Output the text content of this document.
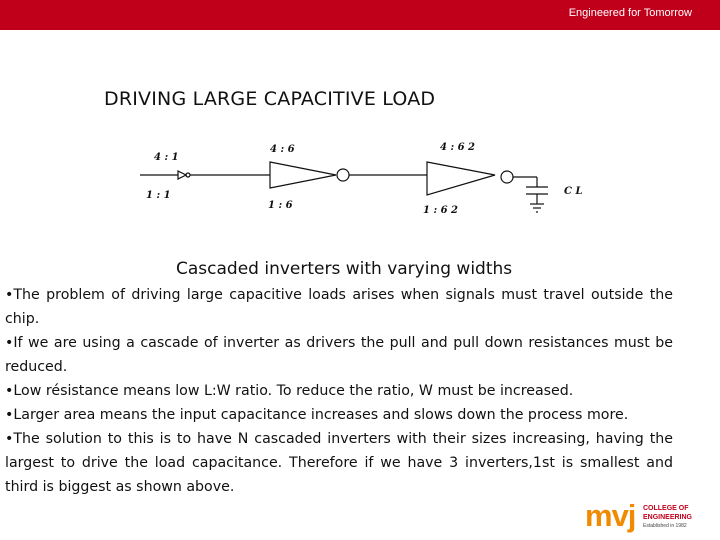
Engineered for Tomorrow
DRIVING LARGE CAPACITIVE LOAD
4 : 1
1 : 1
4 : 6
1 : 6
4 : 6 2
1 : 6 2
C L
Cascaded inverters with varying widths

•The problem of driving large capacitive loads arises when signals must travel outside the chip.

•If we are using a cascade of inverter as drivers the pull and pull down resistances must be reduced.

•Low résistance means low L:W ratio. To reduce the ratio, W must be increased.

•Larger area means the input capacitance increases and slows down the process more.

•The solution to this is to have N cascaded inverters with their sizes increasing, having the largest to drive the load capacitance. Therefore if we have 3 inverters,1st is smallest and third is biggest as shown above.

mvj COLLEGE OF
ENGINEERING
Established in 1982
